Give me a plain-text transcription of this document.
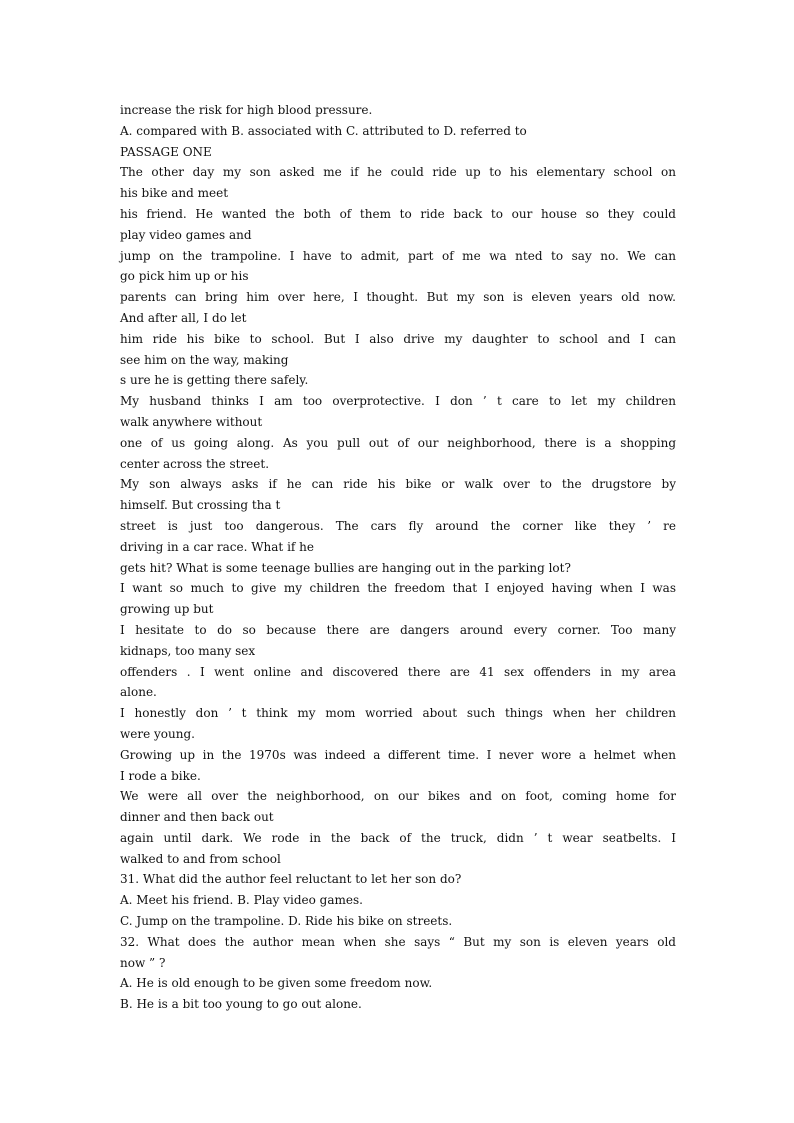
increase the risk for high blood pressure.
A. compared with B. associated with C. attributed to D. referred to
PASSAGE ONE
The other day my son asked me if he could ride up to his elementary school on
his bike and meet
his friend. He wanted the both of them to ride back to our house so they could
play video games and
jump on the trampoline. I have to admit, part of me wa nted to say no. We can
go pick him up or his
parents can bring him over here, I thought. But my son is eleven years old now.
And after all, I do let
him ride his bike to school. But I also drive my daughter to school and I can
see him on the way, making
s ure he is getting there safely.
My husband thinks I am too overprotective. I don ’ t care to let my children
walk anywhere without
one of us going along. As you pull out of our neighborhood, there is a shopping
center across the street.
My son always asks if he can ride his bike or walk over to the drugstore by
himself. But crossing tha t
street is just too dangerous. The cars fly around the corner like they ’ re
driving in a car race. What if he
gets hit? What is some teenage bullies are hanging out in the parking lot?
I want so much to give my children the freedom that I enjoyed having when I was
growing up but
I hesitate to do so because there are dangers around every corner. Too many
kidnaps, too many sex
offenders . I went online and discovered there are 41 sex offenders in my area
alone.
I honestly don ’ t think my mom worried about such things when her children
were young.
Growing up in the 1970s was indeed a different time. I never wore a helmet when
I rode a bike.
We were all over the neighborhood, on our bikes and on foot, coming home for
dinner and then back out
again until dark. We rode in the back of the truck, didn ’ t wear seatbelts. I
walked to and from school
31. What did the author feel reluctant to let her son do?
A. Meet his friend. B. Play video games.
C. Jump on the trampoline. D. Ride his bike on streets.
32. What does the author mean when she says “ But my son is eleven years old
now ” ?
A. He is old enough to be given some freedom now.
B. He is a bit too young to go out alone.
